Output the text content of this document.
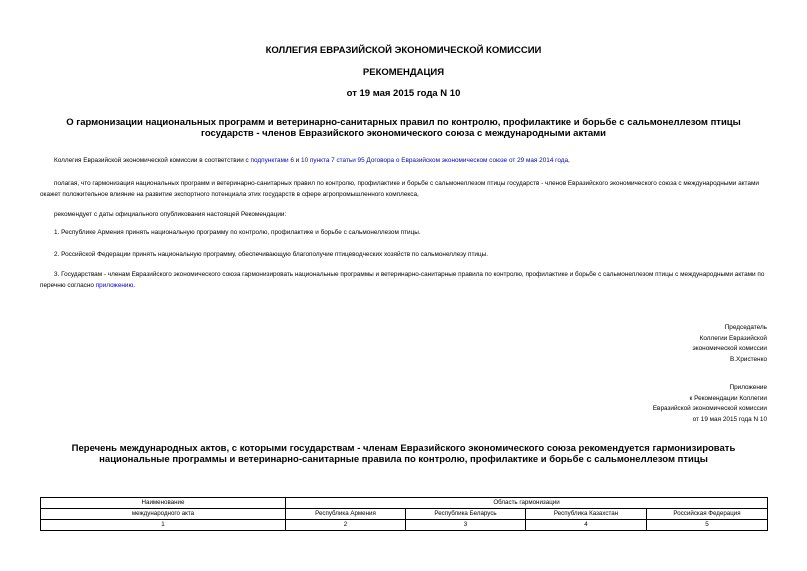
КОЛЛЕГИЯ ЕВРАЗИЙСКОЙ ЭКОНОМИЧЕСКОЙ КОМИССИИ
РЕКОМЕНДАЦИЯ
от 19 мая 2015 года N 10
О гармонизации национальных программ и ветеринарно-санитарных правил по контролю, профилактике и борьбе с сальмонеллезом птицы государств - членов Евразийского экономического союза с международными актами
Коллегия Евразийской экономической комиссии в соответствии с подпунктами 6 и 10 пункта 7 статьи 95 Договора о Евразийском экономическом союзе от 29 мая 2014 года,
полагая, что гармонизация национальных программ и ветеринарно-санитарных правил по контролю, профилактике и борьбе с сальмонеллезом птицы государств - членов Евразийского экономического союза с международными актами окажет положительное влияние на развитие экспортного потенциала этих государств в сфере агропромышленного комплекса,
рекомендует с даты официального опубликования настоящей Рекомендации:
1. Республике Армения принять национальную программу по контролю, профилактике и борьбе с сальмонеллезом птицы.
2. Российской Федерации принять национальную программу, обеспечивающую благополучие птицеводческих хозяйств по сальмонеллезу птицы.
3. Государствам - членам Евразийского экономического союза гармонизировать национальные программы и ветеринарно-санитарные правила по контролю, профилактике и борьбе с сальмонеллезом птицы с международными актами по перечню согласно приложению.
Председатель
Коллегии Евразийской
экономической комиссии
В.Христенко
Приложение
к Рекомендации Коллегии
Евразийской экономической комиссии
от 19 мая 2015 года N 10
Перечень международных актов, с которыми государствам - членам Евразийского экономического союза рекомендуется гармонизировать национальные программы и ветеринарно-санитарные правила по контролю, профилактике и борьбе с сальмонеллезом птицы
Наименование	Область гармонизации			
международного акта	Республика Армения	Республика Беларусь	Республика Казахстан	Российская Федерация
1	2	3	4	5
